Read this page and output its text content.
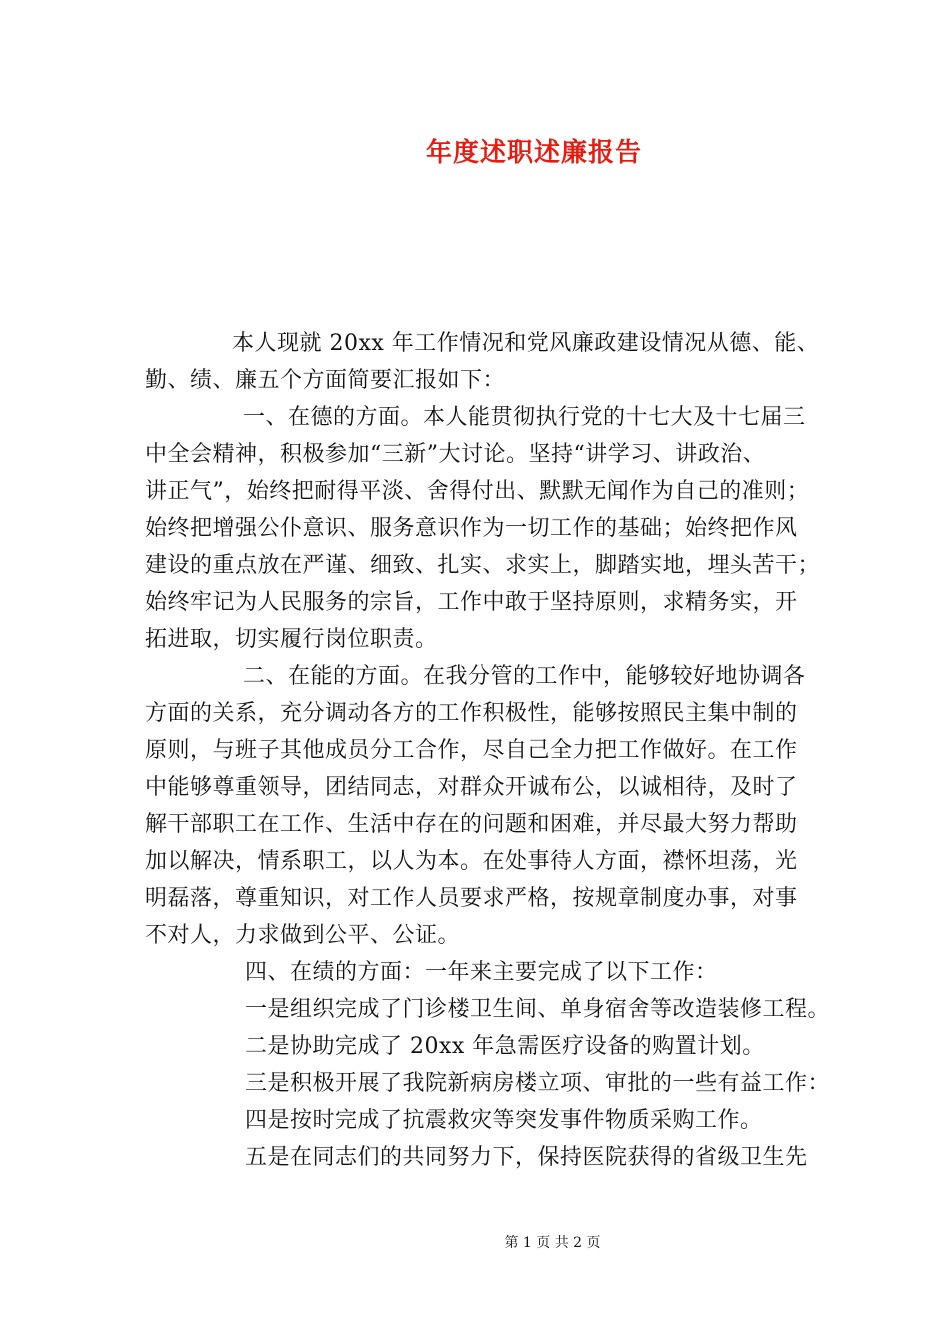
年度述职述廉报告
本人现就 20xx 年工作情况和党风廉政建设情况从德、能、
勤、绩、廉五个方面简要汇报如下：
一、在德的方面。本人能贯彻执行党的十七大及十七届三
中全会精神，积极参加“三新”大讨论。坚持“讲学习、讲政治、
讲正气”，始终把耐得平淡、舍得付出、默默无闻作为自己的准则；
始终把增强公仆意识、服务意识作为一切工作的基础；始终把作风
建设的重点放在严谨、细致、扎实、求实上，脚踏实地，埋头苦干；
始终牢记为人民服务的宗旨，工作中敢于坚持原则，求精务实，开
拓进取，切实履行岗位职责。
二、在能的方面。在我分管的工作中，能够较好地协调各
方面的关系，充分调动各方的工作积极性，能够按照民主集中制的
原则，与班子其他成员分工合作，尽自己全力把工作做好。在工作
中能够尊重领导，团结同志，对群众开诚布公，以诚相待，及时了
解干部职工在工作、生活中存在的问题和困难，并尽最大努力帮助
加以解决，情系职工，以人为本。在处事待人方面，襟怀坦荡，光
明磊落，尊重知识，对工作人员要求严格，按规章制度办事，对事
不对人，力求做到公平、公证。
四、在绩的方面：一年来主要完成了以下工作：
一是组织完成了门诊楼卫生间、单身宿舍等改造装修工程。
二是协助完成了 20xx 年急需医疗设备的购置计划。
三是积极开展了我院新病房楼立项、审批的一些有益工作：
四是按时完成了抗震救灾等突发事件物质采购工作。
五是在同志们的共同努力下，保持医院获得的省级卫生先
第 1 页 共 2 页
